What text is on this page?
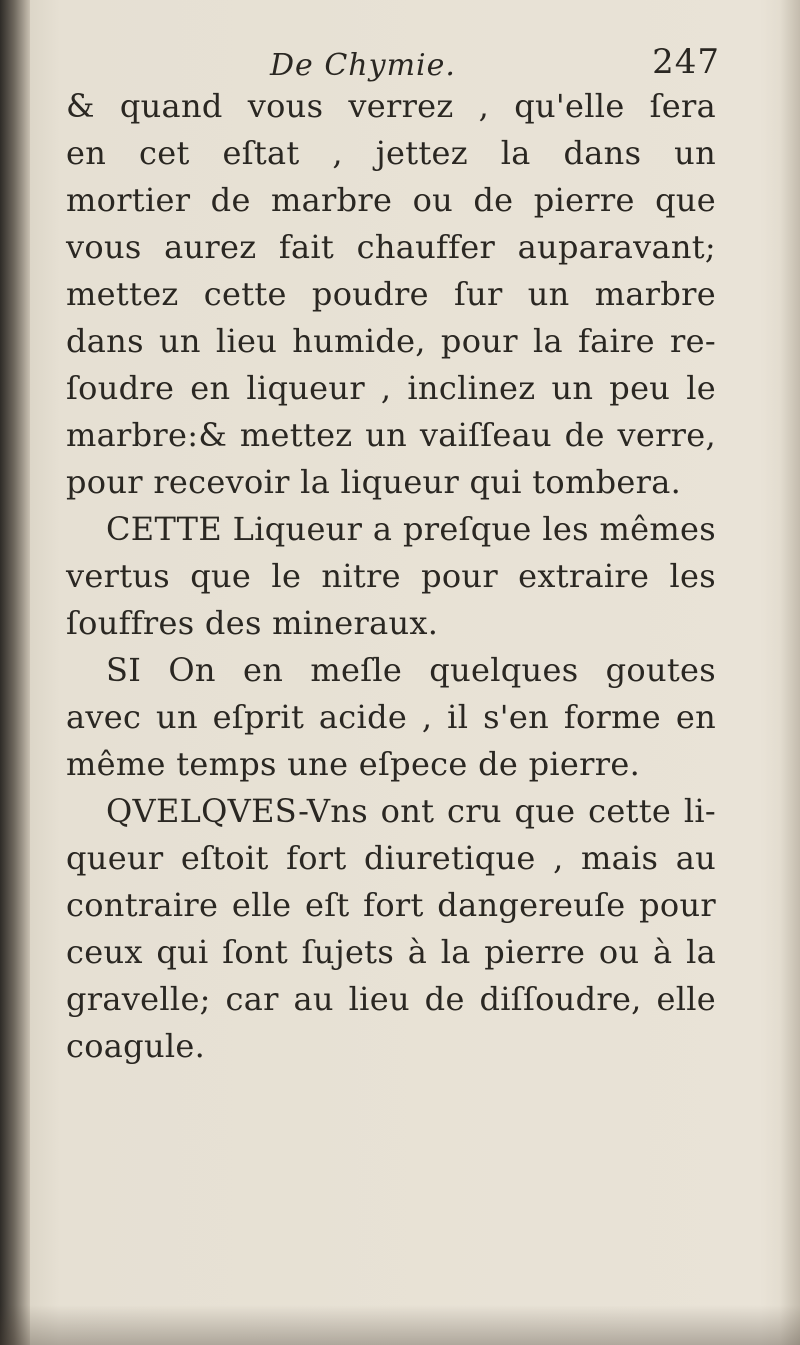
De Chymie.	247
& quand vous verrez , qu'elle ſera
en cet eſtat , jettez la dans un
mortier de marbre ou de pierre que
vous aurez fait chauffer auparavant;
mettez cette poudre ſur un marbre
dans un lieu humide, pour la faire re-
ſoudre en liqueur , inclinez un peu le
marbre:& mettez un vaiſſeau de verre,
pour recevoir la liqueur qui tombera.
CETTE Liqueur a preſque les mêmes
vertus que le nitre pour extraire les
ſouffres des mineraux.
SI On en meſle quelques goutes
avec un eſprit acide , il s'en forme en
même temps une eſpece de pierre.
QVELQVES-Vns ont cru que cette li-
queur eſtoit fort diuretique , mais au
contraire elle eſt fort dangereuſe pour
ceux qui ſont ſujets à la pierre ou à la
gravelle; car au lieu de diſſoudre, elle
coagule.
